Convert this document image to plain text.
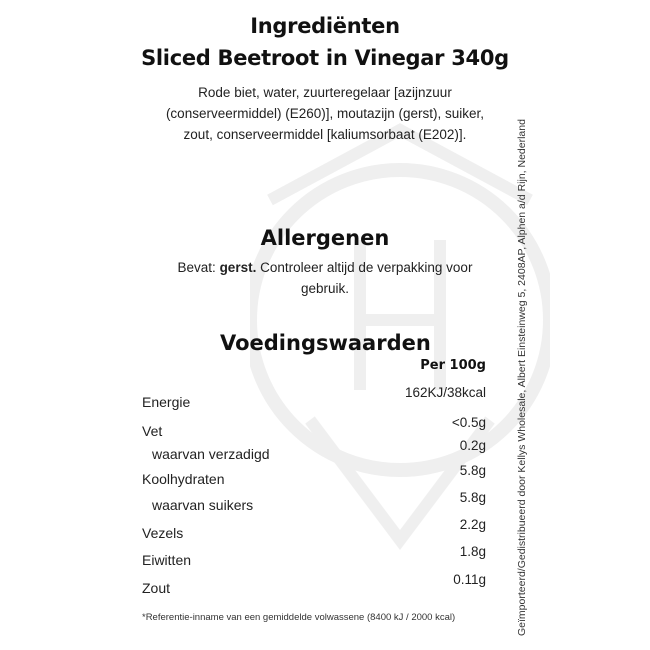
Ingrediënten
Sliced Beetroot in Vinegar 340g
Rode biet, water, zuurteregelaar [azijnzuur
(conserveermiddel) (E260)], moutazijn (gerst), suiker,
zout, conserveermiddel [kaliumsorbaat (E202)].
Allergenen
Bevat: gerst. Controleer altijd de verpakking voor
gebruik.
Voedingswaarden
Per 100g
Energie
162KJ/38kcal
Vet
<0.5g
waarvan verzadigd
0.2g
Koolhydraten
5.8g
waarvan suikers	5.8g
Vezels
2.2g
Eiwitten
1.8g
Zout
0.11g
*Referentie-inname van een gemiddelde volwassene (8400 kJ / 2000 kcal)	Geïmporteerd/Gedistribueerd door Kellys Wholesale, Albert Einsteinweg 5, 2408AP, Alphen a/d Rijn, Nederland
